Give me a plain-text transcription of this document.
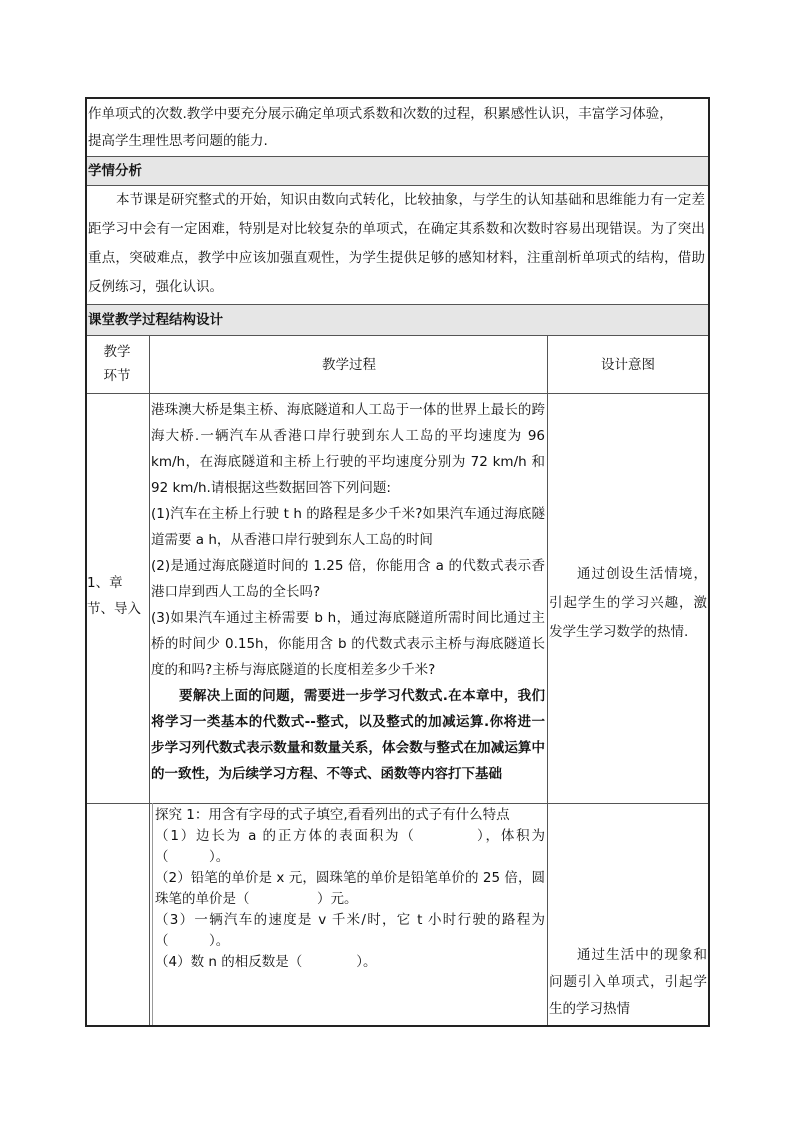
作单项式的次数.教学中要充分展示确定单项式系数和次数的过程，积累感性认识，丰富学习体验，

提高学生理性思考问题的能力.

学情分析

本节课是研究整式的开始，知识由数向式转化，比较抽象，与学生的认知基础和思维能力有一定差距学习中会有一定困难，特别是对比较复杂的单项式，在确定其系数和次数时容易出现错误。为了突出重点，突破难点，教学中应该加强直观性，为学生提供足够的感知材料，注重剖析单项式的结构，借助反例练习，强化认识。

课堂教学过程结构设计

教学
环节

教学过程	设计意图

1、章节、导入

港珠澳大桥是集主桥、海底隧道和人工岛于一体的世界上最长的跨海大桥.一辆汽车从香港口岸行驶到东人工岛的平均速度为 96 km/h，在海底隧道和主桥上行驶的平均速度分别为 72 km/h 和 92 km/h.请根据这些数据回答下列问题:

(1)汽车在主桥上行驶 t h 的路程是多少千米?如果汽车通过海底隧道需要 a h，从香港口岸行驶到东人工岛的时间

(2)是通过海底隧道时间的 1.25 倍，你能用含 a 的代数式表示香港口岸到西人工岛的全长吗?

(3)如果汽车通过主桥需要 b h，通过海底隧道所需时间比通过主桥的时间少 0.15h，你能用含 b 的代数式表示主桥与海底隧道长度的和吗?主桥与海底隧道的长度相差多少千米?

要解决上面的问题，需要进一步学习代数式.在本章中，我们将学习一类基本的代数式--整式，以及整式的加减运算.你将进一步学习列代数式表示数量和数量关系，体会数与整式在加减运算中的一致性，为后续学习方程、不等式、函数等内容打下基础

通过创设生活情境，引起学生的学习兴趣，激发学生学习数学的热情.

探究 1：用含有字母的式子填空,看看列出的式子有什么特点

（1）边长为 a 的正方体的表面积为（　　　　），体积为（　　　）。

（2）铅笔的单价是 x 元，圆珠笔的单价是铅笔单价的 25 倍，圆珠笔的单价是（　　　　　）元。

（3）一辆汽车的速度是 v 千米/时，它 t 小时行驶的路程为（　　　）。

（4）数 n 的相反数是（　　　　）。	通过生活中的现象和问题引入单项式，引起学生的学习热情
